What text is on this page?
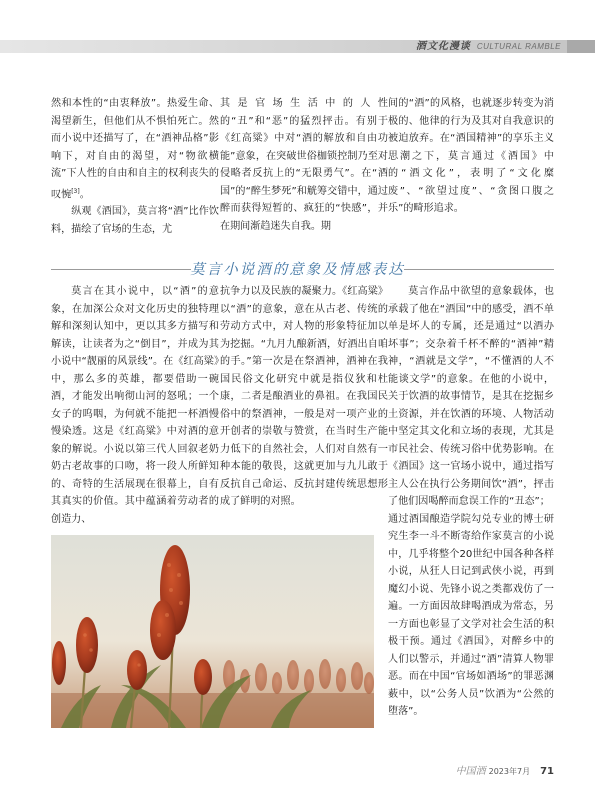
酒文化漫谈 CULTURAL RAMBLE

然和本性的“由衷释放”。热爱生命、渴望新生，但他们从不惧怕死亡。然而小说中还描写了，在“酒神品格”影响下，对自由的渴望，对“物欲横流”下人性的自由和自主的权利丧失的叹惋[3]。

纵观《酒国》，莫言将“酒”比作饮料，描绘了官场的生态，尤

其是官场生活中的人性的“丑”和“恶”的猛烈抨击。有别于《红高粱》中对“酒的解放和自由功能”意象，在突破世俗枷锁控制乃至对侵略者反抗上的“无限勇气”。在“酒国”的“醉生梦死”和觥筹交错中，通过醉而获得短暂的、疯狂的“快感”，并在期间渐趋迷失自我。期

间的“酒”的风格，也就逐步转变为消极的、他律的行为及其对自我意识的被迫放弃。在“酒国精神”的享乐主义思潮之下，莫言通过《酒国》中的“酒文化”，表明了“文化糜废”、“欲望过度”、“贪图口腹之乐”的畸形追求。

莫言小说酒的意象及情感表达

莫言在其小说中，以“酒”的意象，在加深公众对文化历史的独特理解和深刻认知中，更以其多方描写和解读，让读者为之“倒目”，并成为其小说中“靓丽的风景线”。在《红高粱》中，那么多的英雄，都要借助一碗酒，才能发出响彻山河的怒吼；一个女子的呜咽，为何就不能把一杯酒慢慢染透。这是《红高粱》中对酒的意象的解说。小说以第三代人回叙老奶奶古老故事的口吻，将一段人所鲜知的、奇特的生活展现在很幕上，自有其真实的价值。其中蕴涵着劳动者的创造力、

抗争力以及民族的凝聚力。《红高粱》以“酒”的意象，意在从古老、传统的劳动方式中，对人物的形象特征加以为挖掘。“九月九酿新酒，好酒出自咱的手。”第一次是在祭酒神，酒神在我国民俗文化研究中就是指仪狄和杜康，二者是酿酒业的鼻祖。在我国民俗中的祭酒神，一般是对一项产业的开创者的崇敬与赞赏，在当时生产能力低下的自然社会，人们对自然有一种本能的敬畏，这就更加与九儿敢于反抗自己命运、反抗封建传统思想形成了鲜明的对照。

莫言作品中欲望的意象载体，也承载了他在“酒国”中的感受，酒不单单是坏人的专属，还是通过“以酒办坏事”；交杂着千杯不醉的“酒神”精神，“酒就是文学”，“不懂酒的人不能谈文学”的意象。在他的小说中，关于饮酒的故事情节，是其在挖掘乡土资源，并在饮酒的环境、人物活动中坚定其文化和立场的表现，尤其是市民社会、传统习俗中优势影响。在《酒国》这一官场小说中，通过指写主人公在执行公务期间饮“酒”，抨击了他们因喝醉而怠误工作的“丑态”；

通过酒国酿造学院勾兑专业的博士研究生李一斗不断寄给作家莫言的小说中，几乎将整个20世纪中国各种各样小说，从狂人日记到武侠小说，再到魔幻小说、先锋小说之类都戏仿了一遍。一方面因故肆喝酒成为常态，另一方面也彰显了文学对社会生活的积极干预。通过《酒国》，对醉乡中的人们以警示，并通过“酒”清算人物罪恶。而在中国“官场如酒场”的罪恶渊薮中，以“公务人员”饮酒为“公然的堕落”。

中国酒 2023年7月 71
